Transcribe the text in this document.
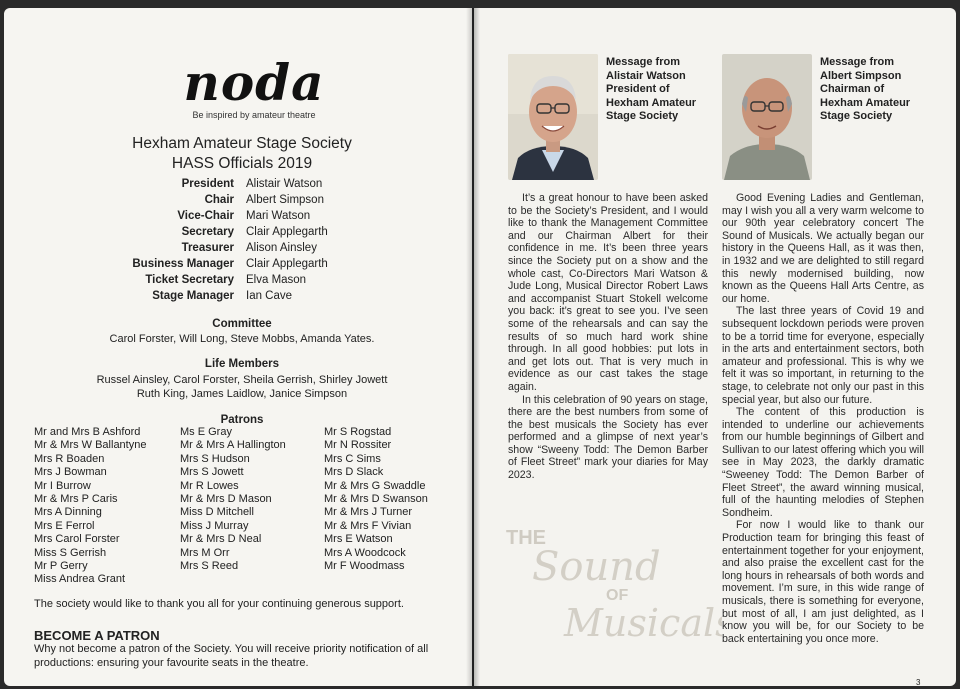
noda
Be inspired by amateur theatre
Hexham Amateur Stage Society
HASS Officials 2019
President	Alistair Watson
Chair	Albert Simpson
Vice-Chair	Mari Watson
Secretary	Clair Applegarth
Treasurer	Alison Ainsley
Business Manager	Clair Applegarth
Ticket Secretary	Elva Mason
Stage Manager	Ian Cave
Committee
Carol Forster, Will Long, Steve Mobbs, Amanda Yates.
Life Members
Russel Ainsley, Carol Forster, Sheila Gerrish, Shirley Jowett
Ruth King, James Laidlow, Janice Simpson
Patrons
Mr and Mrs B Ashford
Mr & Mrs W Ballantyne
Mrs R Boaden
Mrs J Bowman
Mr I Burrow
Mr & Mrs P Caris
Mrs A Dinning
Mrs E Ferrol
Mrs Carol Forster
Miss S Gerrish
Mr P Gerry
Miss Andrea Grant
Ms E Gray
Mr & Mrs A Hallington
Mrs S Hudson
Mrs S Jowett
Mr R Lowes
Mr & Mrs D Mason
Miss D Mitchell
Miss J Murray
Mr & Mrs D Neal
Mrs M Orr
Mrs S Reed
Mr S Rogstad
Mr N Rossiter
Mrs C Sims
Mrs D Slack
Mr & Mrs G Swaddle
Mr & Mrs D Swanson
Mr & Mrs J Turner
Mr & Mrs F Vivian
Mrs E Watson
Mrs A Woodcock
Mr F Woodmass
The society would like to thank you all for your continuing generous support.
BECOME A PATRON
Why not become a patron of the Society. You will receive priority notification of all productions: ensuring your favourite seats in the theatre.
Message from
Alistair Watson
President of
Hexham Amateur
Stage Society
Message from
Albert Simpson
Chairman of
Hexham Amateur
Stage Society

It’s a great honour to have been asked to be the Society’s President, and I would like to thank the Management Committee and our Chairman Albert for their confidence in me. It’s been three years since the Society put on a show and the whole cast, Co-Directors Mari Watson & Jude Long, Musical Director Robert Laws and accompanist Stuart Stokell welcome you back: it’s great to see you. I’ve seen some of the rehearsals and can say the results of so much hard work shine through. In all good hobbies: put lots in and get lots out. That is very much in evidence as our cast takes the stage again.

In this celebration of 90 years on stage, there are the best numbers from some of the best musicals the Society has ever performed and a glimpse of next year’s show “Sweeny Todd: The Demon Barber of Fleet Street” mark your diaries for May 2023.

Good Evening Ladies and Gentleman, may I wish you all a very warm welcome to our 90th year celebratory concert The Sound of Musicals. We actually began our history in the Queens Hall, as it was then, in 1932 and we are delighted to still regard this newly modernised building, now known as the Queens Hall Arts Centre, as our home.

The last three years of Covid 19 and subsequent lockdown periods were proven to be a torrid time for everyone, especially in the arts and entertainment sectors, both amateur and professional. This is why we felt it was so important, in returning to the stage, to celebrate not only our past in this special year, but also our future.

The content of this production is intended to underline our achievements from our humble beginnings of Gilbert and Sullivan to our latest offering which you will see in May 2023, the darkly dramatic “Sweeney Todd: The Demon Barber of Fleet Street”, the award winning musical, full of the haunting melodies of Stephen Sondheim.

For now I would like to thank our Production team for bringing this feast of entertainment together for your enjoyment, and also praise the excellent cast for the long hours in rehearsals of both words and movement. I’m sure, in this wide range of musicals, there is something for everyone, but most of all, I am just delighted, as I know you will be, for our Society to be back entertaining you once more.

THE
Sound
OF
Musicals
3
